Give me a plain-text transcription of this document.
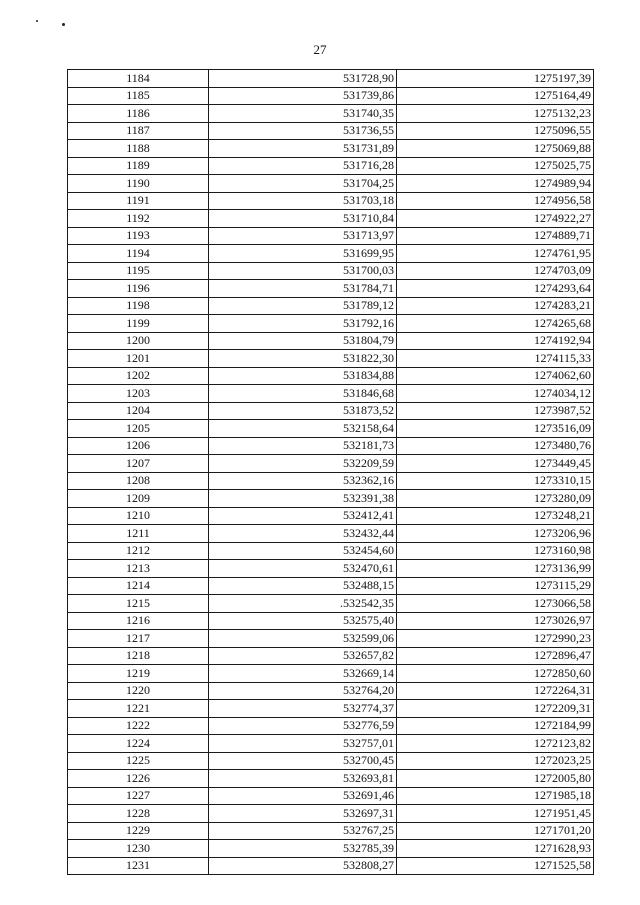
27
1184	531728,90	1275197,39
1185	531739,86	1275164,49
1186	531740,35	1275132,23
1187	531736,55	1275096,55
1188	531731,89	1275069,88
1189	531716,28	1275025,75
1190	531704,25	1274989,94
1191	531703,18	1274956,58
1192	531710,84	1274922,27
1193	531713,97	1274889,71
1194	531699,95	1274761,95
1195	531700,03	1274703,09
1196	531784,71	1274293,64
1198	531789,12	1274283,21
1199	531792,16	1274265,68
1200	531804,79	1274192,94
1201	531822,30	1274115,33
1202	531834,88	1274062,60
1203	531846,68	1274034,12
1204	531873,52	1273987,52
1205	532158,64	1273516,09
1206	532181,73	1273480,76
1207	532209,59	1273449,45
1208	532362,16	1273310,15
1209	532391,38	1273280,09
1210	532412,41	1273248,21
1211	532432,44	1273206,96
1212	532454,60	1273160,98
1213	532470,61	1273136,99
1214	532488,15	1273115,29
1215	.532542,35	1273066,58
1216	532575,40	1273026,97
1217	532599,06	1272990,23
1218	532657,82	1272896,47
1219	532669,14	1272850,60
1220	532764,20	1272264,31
1221	532774,37	1272209,31
1222	532776,59	1272184,99
1224	532757,01	1272123,82
1225	532700,45	1272023,25
1226	532693,81	1272005,80
1227	532691,46	1271985,18
1228	532697,31	1271951,45
1229	532767,25	1271701,20
1230	532785,39	1271628,93
1231	532808,27	1271525,58
